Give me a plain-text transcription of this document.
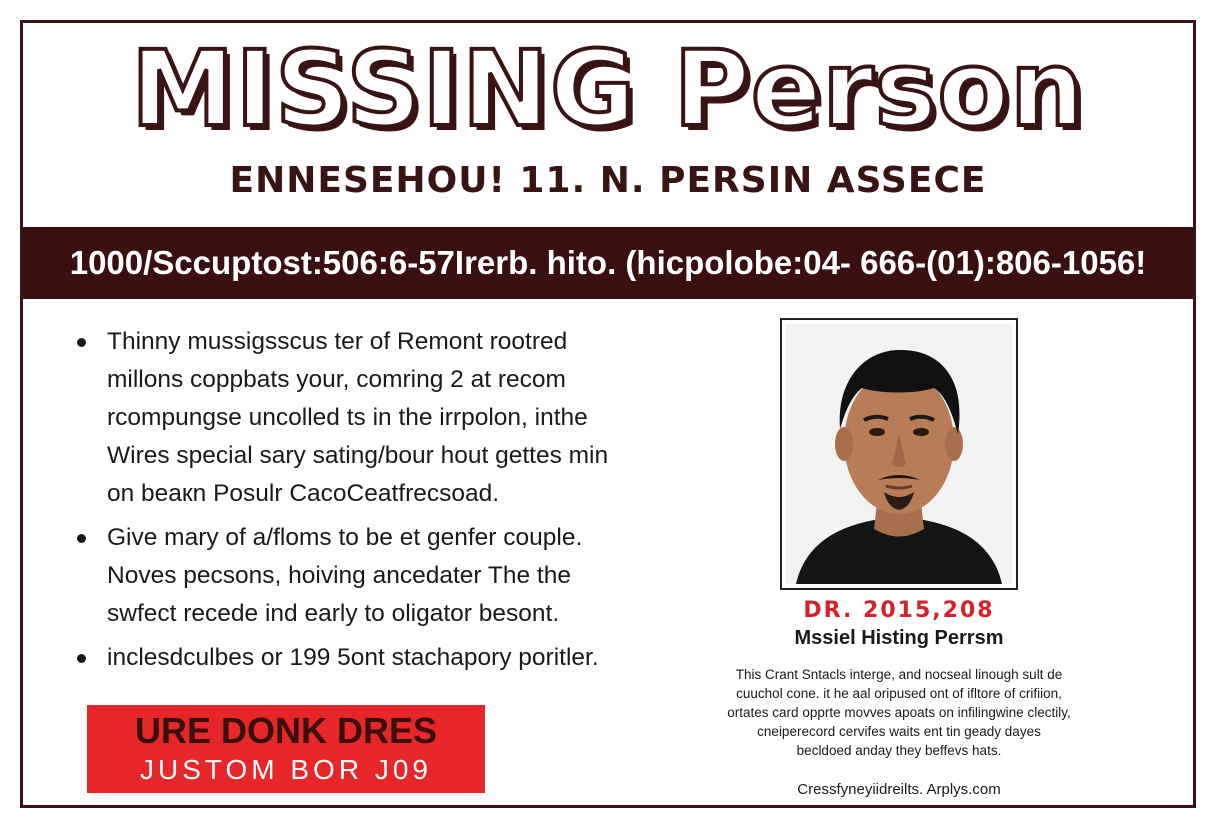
MISSING Person
ENNESEHOU! 11. N. PERSIN ASSECE
1000/Scсuptost:506:6-57Irerb. hito. (hicpolobe:04- 666-(01):806-1056!
Thinny mussigsscus ter of Remont rootred millons coppbats your, comring 2 at recom rcompungse uncolled ts in the irrpolon, inthe Wires special sary sating/bour hout gettes min on beaкn Posulr CacoCeatfrecsoad.
Give mary of a/floms to be et genfer couple. Noves pecsons, hoiving ancedater The the swfect recede ind early to oligator besont.
inclesdculbes or 199 5ont stachapory poritler.
URE DONK DRES
JUSTOM BOR J09
DR. 2015,208
Mssiel Histing Perrsm
This Crant Sntacls interge, and nocseal linough sult de
cuuchol cone. it he aal oripused ont of ifltore of crifiion,
ortates card opprte movves apoats on infilingwine clectily,
cneiperecord cervifes waits ent tin geady dayes
becldoed anday they beffevs hats.
Cressfyneyiidreilts. Arplys.com
